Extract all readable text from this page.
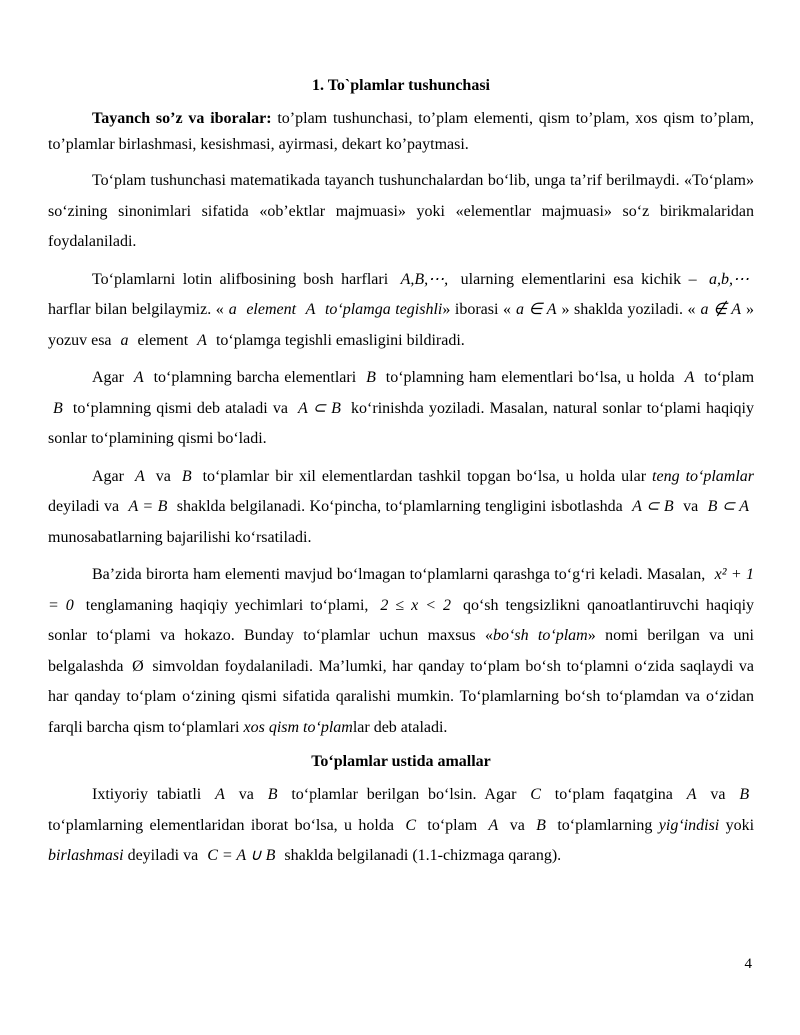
1. To`plamlar tushunchasi

Tayanch so’z va iboralar: to’plam tushunchasi, to’plam elementi, qism to’plam, xos qism to’plam, to’plamlar birlashmasi, kesishmasi, ayirmasi, dekart ko’paytmasi.

To‘plam tushunchasi matematikada tayanch tushunchalardan bo‘lib, unga ta’rif berilmaydi. «To‘plam» so‘zining sinonimlari sifatida «ob’ektlar majmuasi» yoki «elementlar majmuasi» so‘z birikmalaridan foydalaniladi.

To‘plamlarni lotin alifbosining bosh harflari A,B,⋯, ularning elementlarini esa kichik – a,b,⋯ harflar bilan belgilaymiz. « a element A to‘plamga tegishli» iborasi « a ∈ A » shaklda yoziladi. « a ∉ A » yozuv esa a element A to‘plamga tegishli emasligini bildiradi.

Agar A to‘plamning barcha elementlari B to‘plamning ham elementlari bo‘lsa, u holda A to‘plam B to‘plamning qismi deb ataladi va A ⊂ B ko‘rinishda yoziladi. Masalan, natural sonlar to‘plami haqiqiy sonlar to‘plamining qismi bo‘ladi.

Agar A va B to‘plamlar bir xil elementlardan tashkil topgan bo‘lsa, u holda ular teng to‘plamlar deyiladi va A = B shaklda belgilanadi. Ko‘pincha, to‘plamlarning tengligini isbotlashda A ⊂ B va B ⊂ A munosabatlarning bajarilishi ko‘rsatiladi.

Ba’zida birorta ham elementi mavjud bo‘lmagan to‘plamlarni qarashga to‘g‘ri keladi. Masalan, x² + 1 = 0 tenglamaning haqiqiy yechimlari to‘plami, 2 ≤ x < 2 qo‘sh tengsizlikni qanoatlantiruvchi haqiqiy sonlar to‘plami va hokazo. Bunday to‘plamlar uchun maxsus «bo‘sh to‘plam» nomi berilgan va uni belgalashda Ø simvoldan foydalaniladi. Ma’lumki, har qanday to‘plam bo‘sh to‘plamni o‘zida saqlaydi va har qanday to‘plam o‘zining qismi sifatida qaralishi mumkin. To‘plamlarning bo‘sh to‘plamdan va o‘zidan farqli barcha qism to‘plamlari xos qism to‘plamlar deb ataladi.

To‘plamlar ustida amallar

Ixtiyoriy tabiatli A va B to‘plamlar berilgan bo‘lsin. Agar C to‘plam faqatgina A va B to‘plamlarning elementlaridan iborat bo‘lsa, u holda C to‘plam A va B to‘plamlarning yig‘indisi yoki birlashmasi deyiladi va C = A ∪ B shaklda belgilanadi (1.1-chizmaga qarang).

4
